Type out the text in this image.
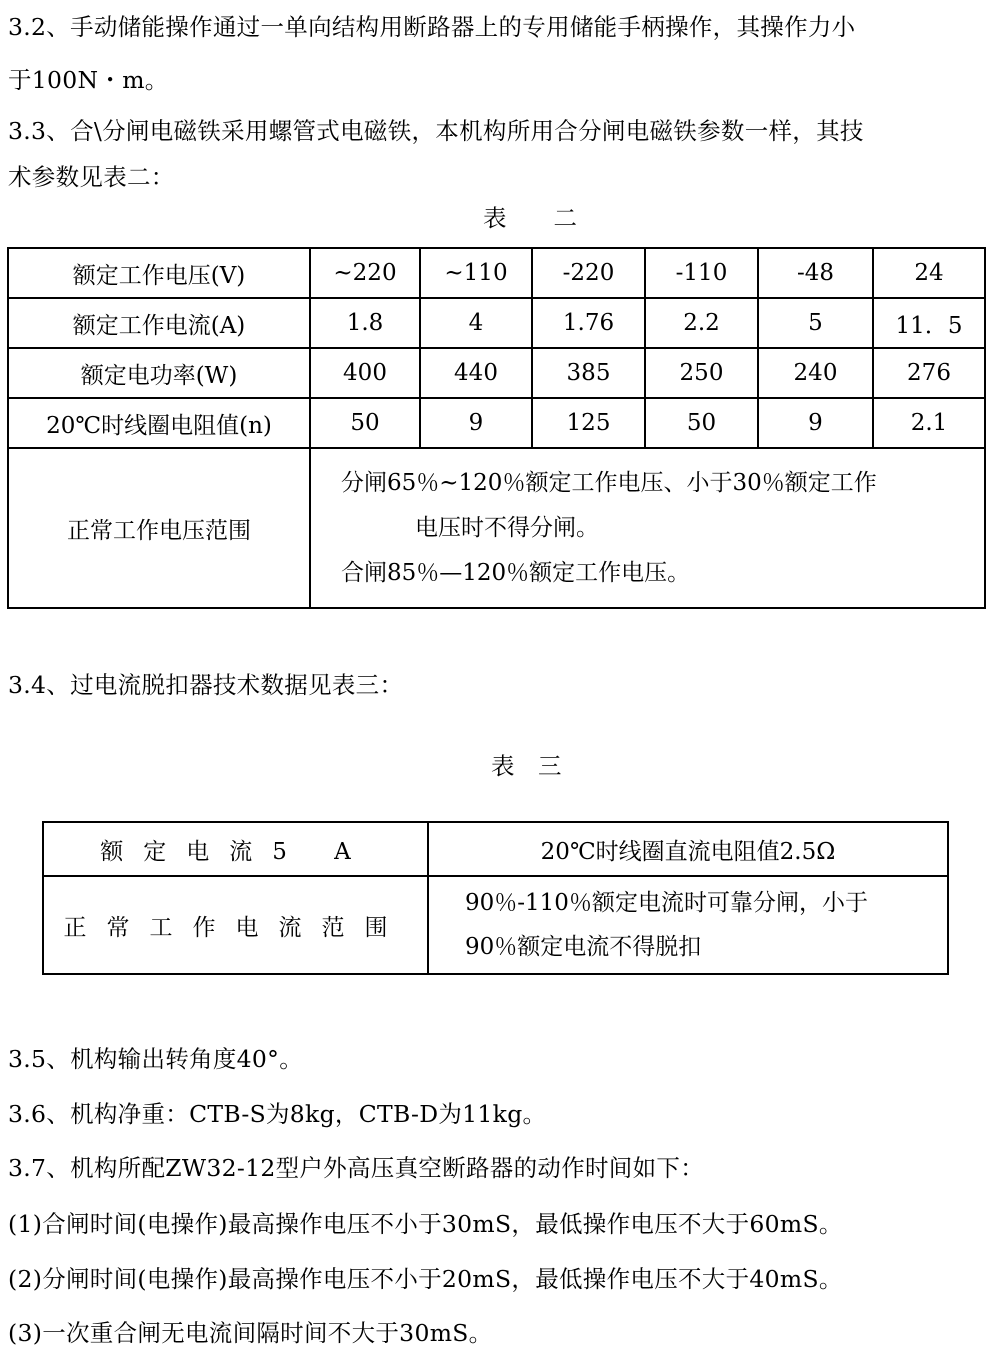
3.2、手动储能操作通过一单向结构用断路器上的专用储能手柄操作，其操作力小
于100N・m。
3.3、合\分闸电磁铁采用螺管式电磁铁，本机构所用合分闸电磁铁参数一样，其技
术参数见表二：
表　　二
额定工作电压(V)	~220	~110	-220	-110	-48	24
额定工作电流(A)	1.8	4	1.76	2.2	5	11．5
额定电功率(W)	400	440	385	250	240	276
20℃时线圈电阻值(n)	50	9	125	50	9	2.1
正常工作电压范围	分闸65％~120％额定工作电压、小于30％额定工作
电压时不得分闸。
合闸85％—120％额定工作电压。					
3.4、过电流脱扣器技术数据见表三：
表　三
额定电流5 A	20℃时线圈直流电阻值2.5Ω
正常工作电流范围	90％-110％额定电流时可靠分闸，小于
90％额定电流不得脱扣
3.5、机构输出转角度40°。
3.6、机构净重：CTB-S为8kg，CTB-D为11kg。
3.7、机构所配ZW32-12型户外高压真空断路器的动作时间如下：
(1)合闸时间(电操作)最高操作电压不小于30mS，最低操作电压不大于60mS。
(2)分闸时间(电操作)最高操作电压不小于20mS，最低操作电压不大于40mS。
(3)一次重合闸无电流间隔时间不大于30mS。
